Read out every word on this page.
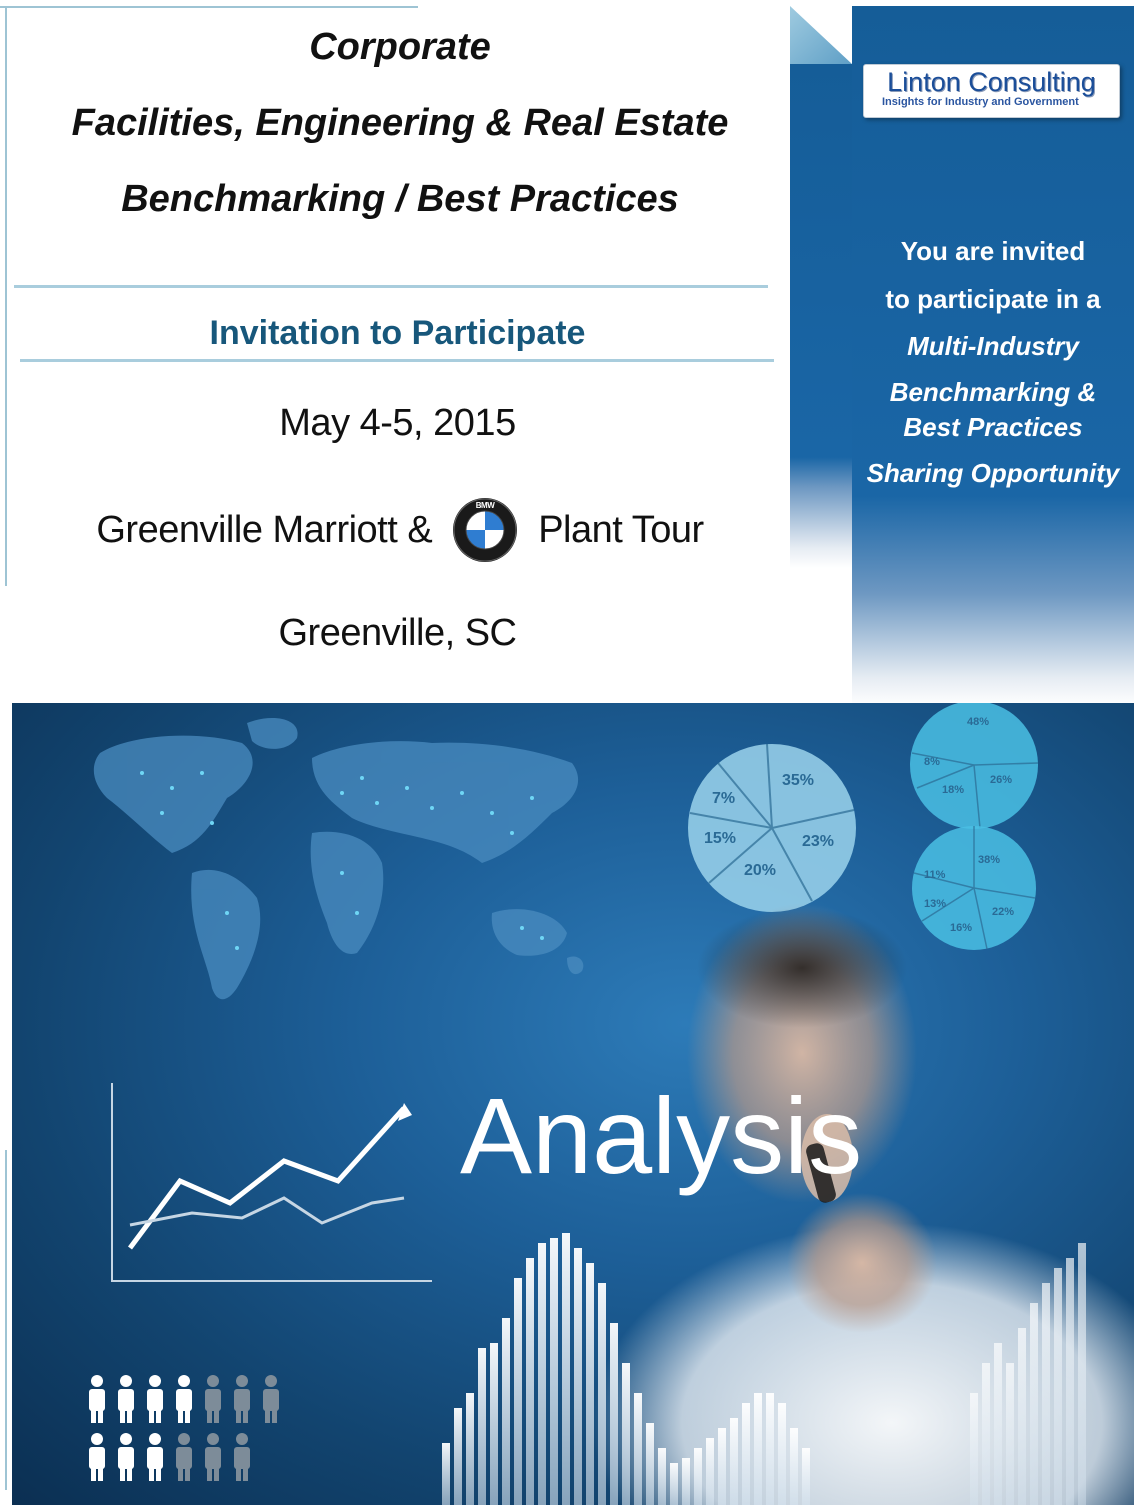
Corporate
Facilities, Engineering & Real Estate
Benchmarking / Best Practices
Invitation to Participate
May 4-5, 2015
Greenville Marriott &
BMW
Plant Tour
Greenville, SC
Linton Consulting
Insights for Industry and Government
You are invited
to participate in a
Multi-Industry
Benchmarking &
Best Practices
Sharing Opportunity
35%
23%
20%
15%
7%
48%
26%
18%
8%
38%
22%
16%
13%
11%
Analysis
